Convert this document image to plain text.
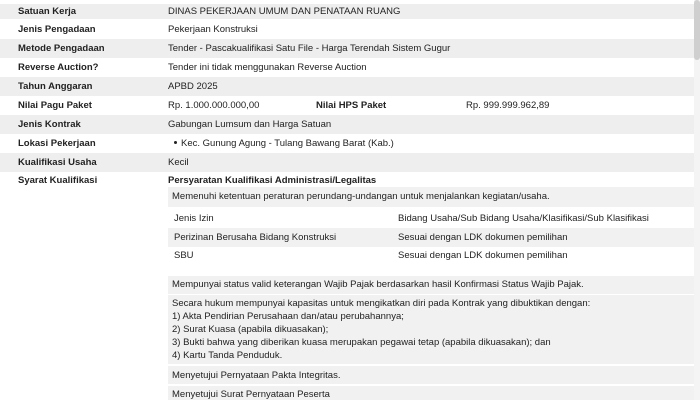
Satuan Kerja	DINAS PEKERJAAN UMUM DAN PENATAAN RUANG
Jenis Pengadaan	Pekerjaan Konstruksi
Metode Pengadaan	Tender - Pascakualifikasi Satu File - Harga Terendah Sistem Gugur
Reverse Auction?	Tender ini tidak menggunakan Reverse Auction
Tahun Anggaran	APBD 2025
Nilai Pagu Paket	Rp. 1.000.000.000,00	Nilai HPS Paket	Rp. 999.999.962,89
Jenis Kontrak	Gabungan Lumsum dan Harga Satuan
Lokasi Pekerjaan	Kec. Gunung Agung - Tulang Bawang Barat (Kab.)
Kualifikasi Usaha	Kecil
Syarat Kualifikasi	Persyaratan Kualifikasi Administrasi/Legalitas
Memenuhi ketentuan peraturan perundang-undangan untuk menjalankan kegiatan/usaha.
Jenis Izin	Bidang Usaha/Sub Bidang Usaha/Klasifikasi/Sub Klasifikasi
Perizinan Berusaha Bidang Konstruksi	Sesuai dengan LDK dokumen pemilihan
SBU	Sesuai dengan LDK dokumen pemilihan
Mempunyai status valid keterangan Wajib Pajak berdasarkan hasil Konfirmasi Status Wajib Pajak.
Secara hukum mempunyai kapasitas untuk mengikatkan diri pada Kontrak yang dibuktikan dengan:
1) Akta Pendirian Perusahaan dan/atau perubahannya;
2) Surat Kuasa (apabila dikuasakan);
3) Bukti bahwa yang diberikan kuasa merupakan pegawai tetap (apabila dikuasakan); dan
4) Kartu Tanda Penduduk.
Menyetujui Pernyataan Pakta Integritas.
Menyetujui Surat Pernyataan Peserta
